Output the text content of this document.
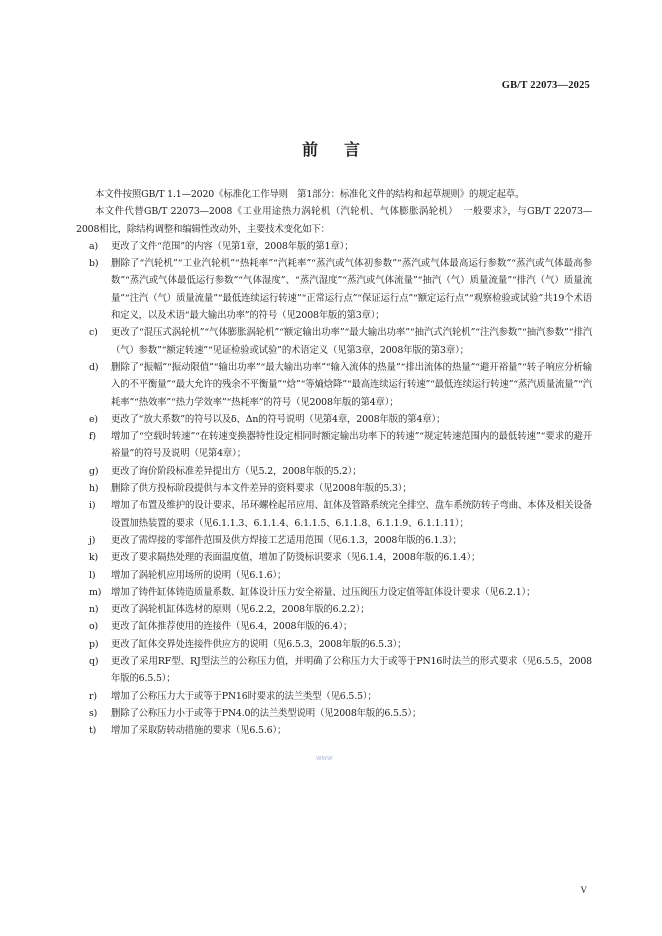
GB/T 22073—2025
前言

本文件按照GB/T 1.1—2020《标准化工作导则　第1部分：标准化文件的结构和起草规则》的规定起草。

本文件代替GB/T 22073—2008《工业用途热力涡轮机（汽轮机、气体膨胀涡轮机）　一般要求》，与GB/T 22073—2008相比，除结构调整和编辑性改动外，主要技术变化如下：

a) 更改了文件“范围”的内容（见第1章，2008年版的第1章）；
b) 删除了“汽轮机”“工业汽轮机”“热耗率”“汽耗率”“蒸汽或气体初参数”“蒸汽或气体最高运行参数”“蒸汽或气体最高参数”“蒸汽或气体最低运行参数”“气体湿度”、“蒸汽湿度”“蒸汽或气体流量”“抽汽（气）质量流量”“排汽（气）质量流量”“注汽（气）质量流量”“最低连续运行转速”“正常运行点”“保证运行点”“额定运行点”“观察检验或试验”共19个术语和定义，以及术语“最大输出功率”的符号（见2008年版的第3章）；
c) 更改了“混压式涡轮机”“气体膨胀涡轮机”“额定输出功率”“最大输出功率”“抽汽式汽轮机”“注汽参数”“抽汽参数”“排汽（气）参数”“额定转速”“见证检验或试验”的术语定义（见第3章，2008年版的第3章）；
d) 删除了“振幅”“振动限值”“输出功率”“最大输出功率”“输入流体的热量”“排出流体的热量”“避开裕量”“转子响应分析输入的不平衡量”“最大允许的残余不平衡量”“焓”“等熵焓降”“最高连续运行转速”“最低连续运行转速”“蒸汽质量流量”“汽耗率”“热效率”“热力学效率”“热耗率”的符号（见2008年版的第4章）；
e) 更改了“放大系数”的符号以及δ、Δn的符号说明（见第4章，2008年版的第4章）；
f) 增加了“空载时转速”“在转速变换器特性设定相同时额定输出功率下的转速”“规定转速范围内的最低转速”“要求的避开裕量”的符号及说明（见第4章）；
g) 更改了询价阶段标准差异提出方（见5.2，2008年版的5.2）；
h) 删除了供方投标阶段提供与本文件差异的资料要求（见2008年版的5.3）；
i) 增加了布置及维护的设计要求、吊环螺栓起吊应用、缸体及管路系统完全排空、盘车系统防转子弯曲、本体及相关设备设置加热装置的要求（见6.1.1.3、6.1.1.4、6.1.1.5、6.1.1.8、6.1.1.9、6.1.1.11）；
j) 更改了需焊接的零部件范围及供方焊接工艺适用范围（见6.1.3，2008年版的6.1.3）；
k) 更改了要求隔热处理的表面温度值，增加了防烫标识要求（见6.1.4，2008年版的6.1.4）；
l) 增加了涡轮机应用场所的说明（见6.1.6）；
m) 增加了铸件缸体铸造质量系数、缸体设计压力安全裕量、过压阀压力设定值等缸体设计要求（见6.2.1）；
n) 更改了涡轮机缸体选材的原则（见6.2.2，2008年版的6.2.2）；
o) 更改了缸体推荐使用的连接件（见6.4，2008年版的6.4）；
p) 更改了缸体交界处连接件供应方的说明（见6.5.3，2008年版的6.5.3）；
q) 更改了采用RF型、RJ型法兰的公称压力值，并明确了公称压力大于或等于PN16时法兰的形式要求（见6.5.5，2008年版的6.5.5）；
r) 增加了公称压力大于或等于PN16时要求的法兰类型（见6.5.5）；
s) 删除了公称压力小于或等于PN4.0的法兰类型说明（见2008年版的6.5.5）；
t) 增加了采取防转动措施的要求（见6.5.6）；
WWW
V
